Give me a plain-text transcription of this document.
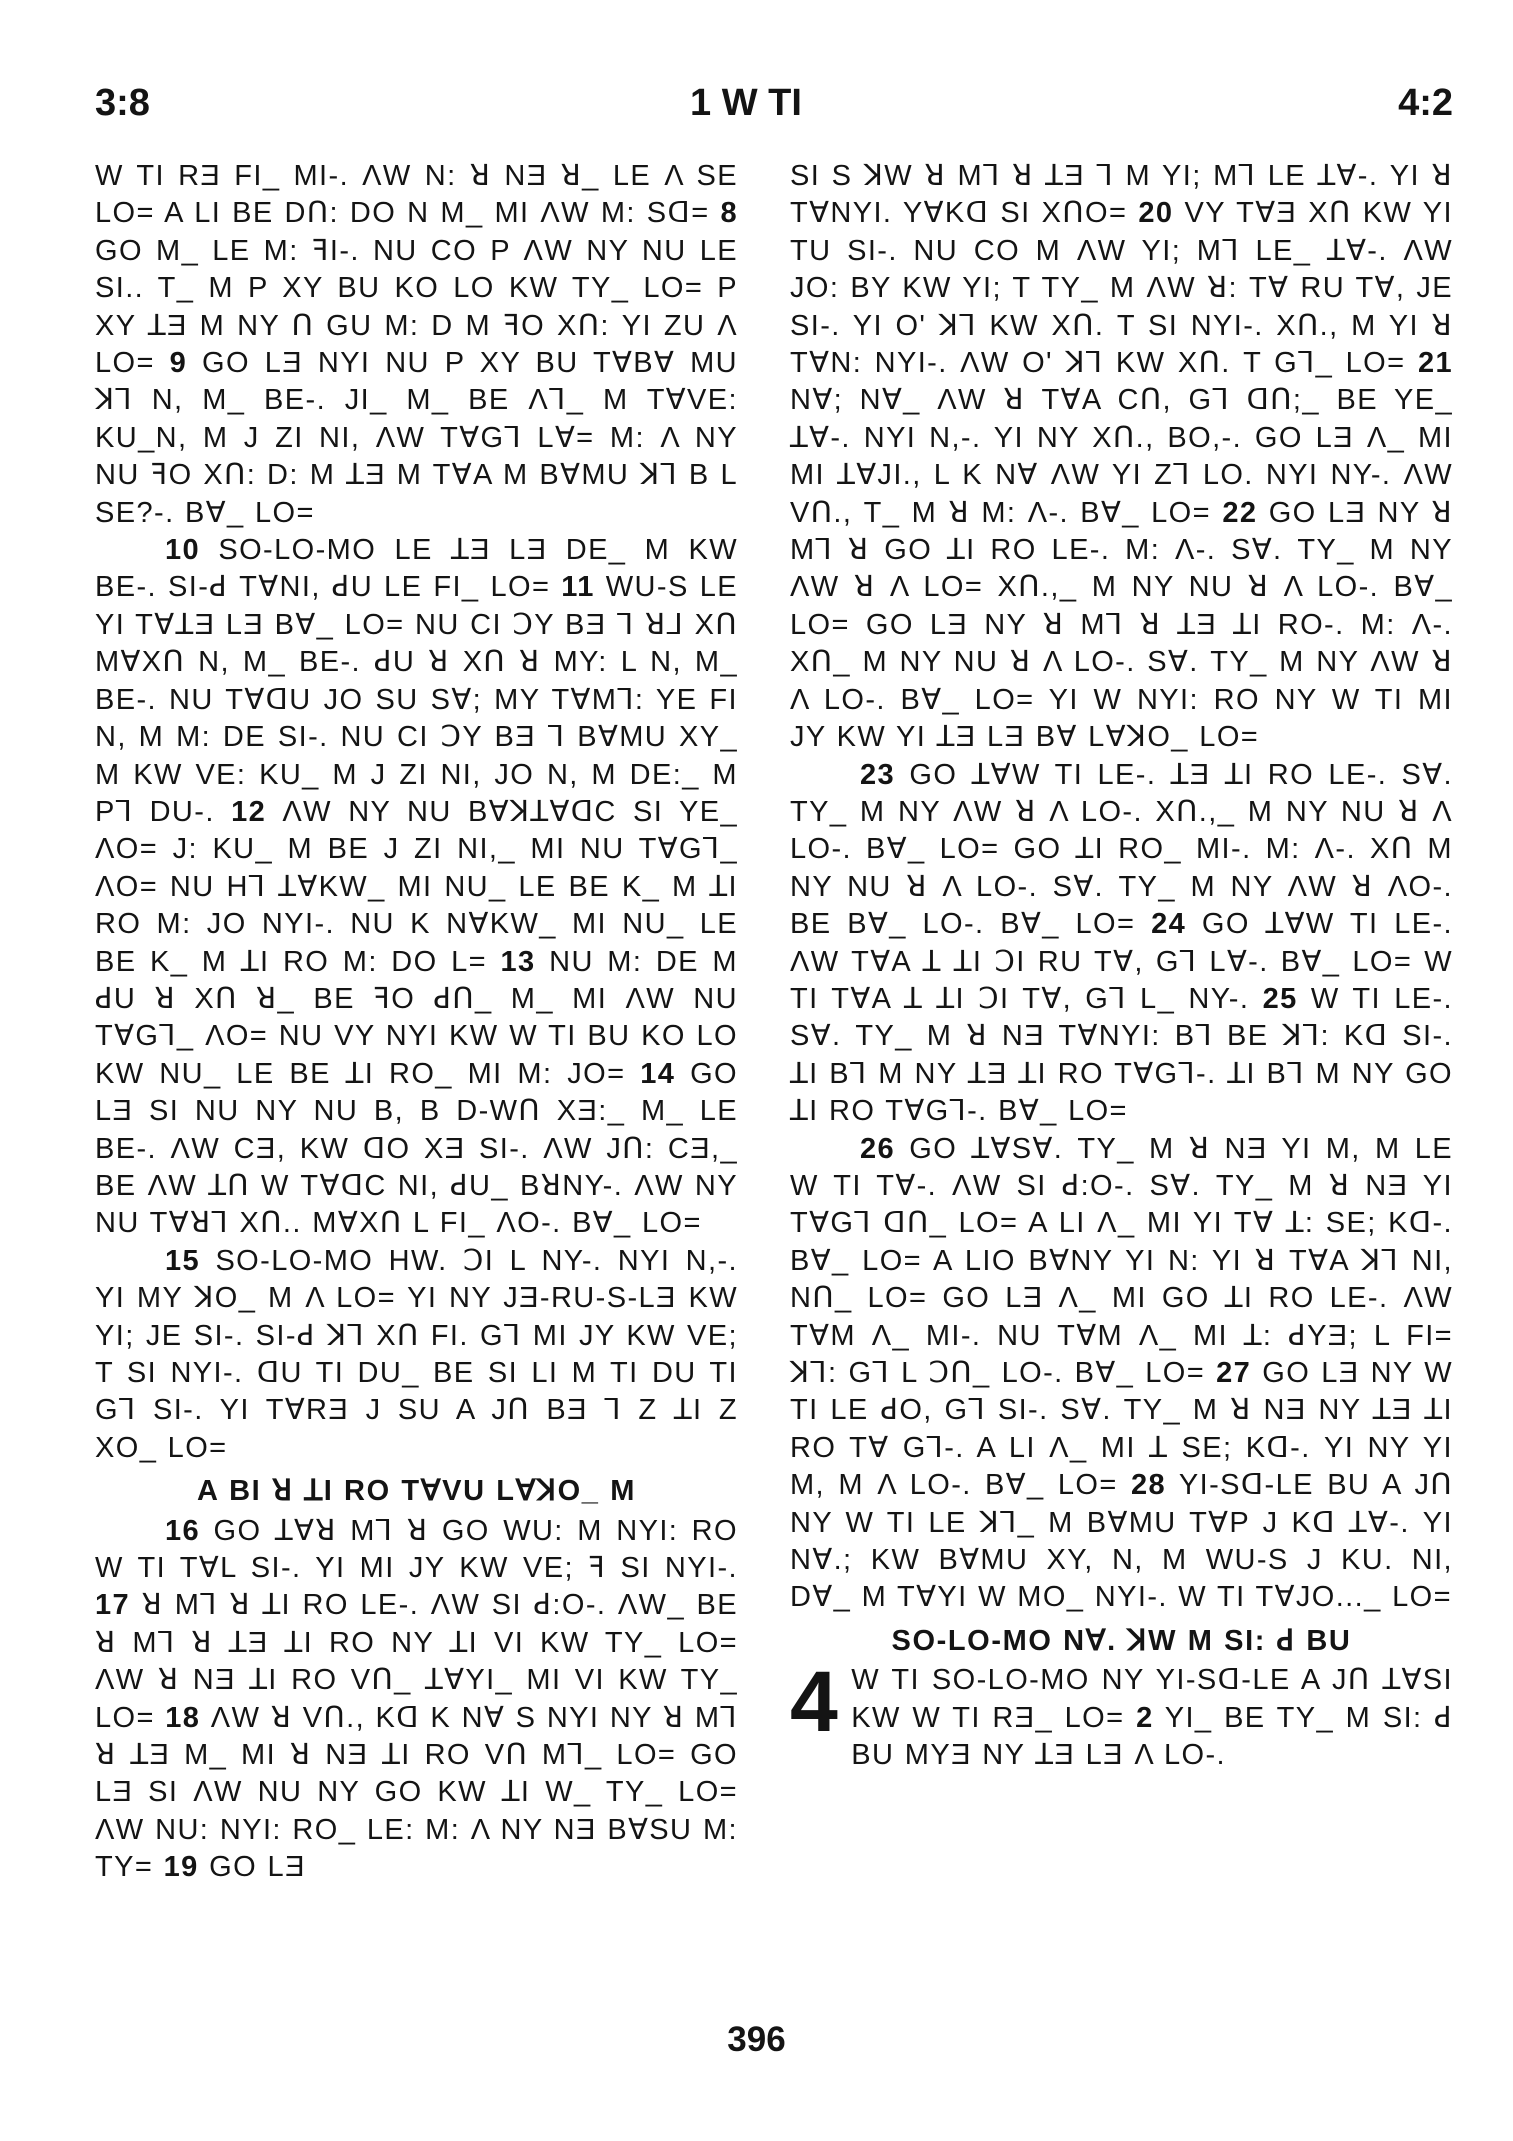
3:8	1 W TI	4:2

W TI RƎ FI_ MI-. ΛW N: ꓤ NƎ ꓤ_ LE Λ SE LO= A LI BE DՈ: DO N M_ MI ΛW M: Sꓷ= 8 GO M_ LE M: ꟻI-. NU CO P ΛW NY NU LE SI.. T_ M P XY BU KO LO KW TY_ LO= P XY ꓕƎ M NY Ո GU M: D M ꟻO XՈ: YI ZU Λ LO= 9 GO LƎ NYI NU P XY BU TꓯBꓯ MU ꓘ⅂ N, M_ BE-. JI_ M_ BE Λ⅂_ M TꓯVE: KU_N, M J ZI NI, ΛW TꓯG⅂ Lꓯ= M: Λ NY NU ꟻO XՈ: D: M ꓕƎ M TꓯA M BꓯMU ꓘ⅂ B L SE?-. Bꓯ_ LO=

10 SO-LO-MO LE ꓕƎ LƎ DE_ M KW BE-. SI-ꓒ TꓯNI, ꓒU LE FI_ LO= 11 WU-S LE YI TꓯꓕƎ LƎ Bꓯ_ LO= NU CI ꓛY BƎ ⅂ ꓤ⅃ XՈ MꓯXՈ N, M_ BE-. ꓒU ꓤ XՈ ꓤ MY: L N, M_ BE-. NU TꓯꓷU JO SU Sꓯ; MY TꓯM⅂: YE FI N, M M: DE SI-. NU CI ꓛY BƎ ⅂ BꓯMU XY_ M KW VE: KU_ M J ZI NI, JO N, M DE:_ M P⅂ DU-. 12 ΛW NY NU BꓯꓘꓕꓯꓷC SI YE_ ΛO= J: KU_ M BE J ZI NI,_ MI NU TꓯG⅂_ ΛO= NU H⅂ ꓕꓯKW_ MI NU_ LE BE K_ M ꓕI RO M: JO NYI-. NU K NꓯKW_ MI NU_ LE BE K_ M ꓕI RO M: DO L= 13 NU M: DE M ꓒU ꓤ XՈ ꓤ_ BE ꟻO ꓒՈ_ M_ MI ΛW NU TꓯG⅂_ ΛO= NU VY NYI KW W TI BU KO LO KW NU_ LE BE ꓕI RO_ MI M: JO= 14 GO LƎ SI NU NY NU B, B D-WՈ XƎ:_ M_ LE BE-. ΛW CƎ, KW ꓷO XƎ SI-. ΛW JՈ: CƎ,_ BE ΛW ꓕՈ W TꓯꓷC NI, ꓒU_ BꓤNY-. ΛW NY NU Tꓯꓤ⅂ XՈ.. MꓯXՈ L FI_ ΛO-. Bꓯ_ LO=

15 SO-LO-MO HW. ꓛI L NY-. NYI N,-. YI MY ꓘO_ M Λ LO= YI NY JƎ-RU-S-LƎ KW YI; JE SI-. SI-ꓒ ꓘ⅂ XՈ FI. G⅂ MI JY KW VE; T SI NYI-. ꓷU TI DU_ BE SI LI M TI DU TI G⅂ SI-. YI TꓯRƎ J SU A JՈ BƎ ⅂ Z ꓕI Z XO_ LO=

A BI ꓤ ꓕI RO TꓯVU LꓯꓘO_ M

16 GO ꓕꓯꓤ M⅂ ꓤ GO WU: M NYI: RO W TI TꓯL SI-. YI MI JY KW VE; ꟻ SI NYI-. 17 ꓤ M⅂ ꓤ ꓕI RO LE-. ΛW SI ꓒ:O-. ΛW_ BE ꓤ M⅂ ꓤ ꓕƎ ꓕI RO NY ꓕI VI KW TY_ LO= ΛW ꓤ NƎ ꓕI RO VՈ_ ꓕꓯYI_ MI VI KW TY_ LO= 18 ΛW ꓤ VՈ., Kꓷ K Nꓯ S NYI NY ꓤ M⅂ ꓤ ꓕƎ M_ MI ꓤ NƎ ꓕI RO VՈ M⅂_ LO= GO LƎ SI ΛW NU NY GO KW ꓕI W_ TY_ LO= ΛW NU: NYI: RO_ LE: M: Λ NY NƎ BꓯSU M: TY= 19 GO LƎ

SI S ꓘW ꓤ M⅂ ꓤ ꓕƎ ⅂ M YI; M⅂ LE ꓕꓯ-. YI ꓤ TꓯNYI. YꓯKꓷ SI XՈO= 20 VY TꓯƎ XՈ KW YI TU SI-. NU CO M ΛW YI; M⅂ LE_ ꓕꓯ-. ΛW JO: BY KW YI; T TY_ M ΛW ꓤ: Tꓯ RU Tꓯ, JE SI-. YI O' ꓘ⅂ KW XՈ. T SI NYI-. XՈ., M YI ꓤ TꓯN: NYI-. ΛW O' ꓘ⅂ KW XՈ. T G⅂_ LO= 21 Nꓯ; Nꓯ_ ΛW ꓤ TꓯA CՈ, G⅂ ꓷՈ;_ BE YE_ ꓕꓯ-. NYI N,-. YI NY XՈ., BO,-. GO LƎ Λ_ MI MI ꓕꓯJI., L K Nꓯ ΛW YI Z⅂ LO. NYI NY-. ΛW VՈ., T_ M ꓤ M: Λ-. Bꓯ_ LO= 22 GO LƎ NY ꓤ M⅂ ꓤ GO ꓕI RO LE-. M: Λ-. Sꓯ. TY_ M NY ΛW ꓤ Λ LO= XՈ.,_ M NY NU ꓤ Λ LO-. Bꓯ_ LO= GO LƎ NY ꓤ M⅂ ꓤ ꓕƎ ꓕI RO-. M: Λ-. XՈ_ M NY NU ꓤ Λ LO-. Sꓯ. TY_ M NY ΛW ꓤ Λ LO-. Bꓯ_ LO= YI W NYI: RO NY W TI MI JY KW YI ꓕƎ LƎ Bꓯ LꓯꓘO_ LO=

23 GO ꓕꓯW TI LE-. ꓕƎ ꓕI RO LE-. Sꓯ. TY_ M NY ΛW ꓤ Λ LO-. XՈ.,_ M NY NU ꓤ Λ LO-. Bꓯ_ LO= GO ꓕI RO_ MI-. M: Λ-. XՈ M NY NU ꓤ Λ LO-. Sꓯ. TY_ M NY ΛW ꓤ ΛO-. BE Bꓯ_ LO-. Bꓯ_ LO= 24 GO ꓕꓯW TI LE-. ΛW TꓯA ꓕ ꓕI ꓛI RU Tꓯ, G⅂ Lꓯ-. Bꓯ_ LO= W TI TꓯA ꓕ ꓕI ꓛI Tꓯ, G⅂ L_ NY-. 25 W TI LE-. Sꓯ. TY_ M ꓤ NƎ TꓯNYI: B⅂ BE ꓘ⅂: Kꓷ SI-. ꓕI B⅂ M NY ꓕƎ ꓕI RO TꓯG⅂-. ꓕI B⅂ M NY GO ꓕI RO TꓯG⅂-. Bꓯ_ LO=

26 GO ꓕꓯSꓯ. TY_ M ꓤ NƎ YI M, M LE W TI Tꓯ-. ΛW SI ꓒ:O-. Sꓯ. TY_ M ꓤ NƎ YI TꓯG⅂ ꓷՈ_ LO= A LI Λ_ MI YI Tꓯ ꓕ: SE; Kꓷ-. Bꓯ_ LO= A LIO BꓯNY YI N: YI ꓤ TꓯA ꓘ⅂ NI, NՈ_ LO= GO LƎ Λ_ MI GO ꓕI RO LE-. ΛW TꓯM Λ_ MI-. NU TꓯM Λ_ MI ꓕ: ꓒYƎ; L FI= ꓘ⅂: G⅂ L ꓛՈ_ LO-. Bꓯ_ LO= 27 GO LƎ NY W TI LE ꓒO, G⅂ SI-. Sꓯ. TY_ M ꓤ NƎ NY ꓕƎ ꓕI RO Tꓯ G⅂-. A LI Λ_ MI ꓕ SE; Kꓷ-. YI NY YI M, M Λ LO-. Bꓯ_ LO= 28 YI-Sꓷ-LE BU A JՈ NY W TI LE ꓘ⅂_ M BꓯMU TꓯP J Kꓷ ꓕꓯ-. YI Nꓯ.; KW BꓯMU XY, N, M WU-S J KU. NI, Dꓯ_ M TꓯYI W MO_ NYI-. W TI TꓯJO..._ LO=

SO-LO-MO Nꓯ. ꓘW M SI: ꓒ BU

4 W TI SO-LO-MO NY YI-Sꓷ-LE A JՈ ꓕꓯSI KW W TI RƎ_ LO= 2 YI_ BE TY_ M SI: ꓒ BU MYƎ NY ꓕƎ LƎ Λ LO-.

396
